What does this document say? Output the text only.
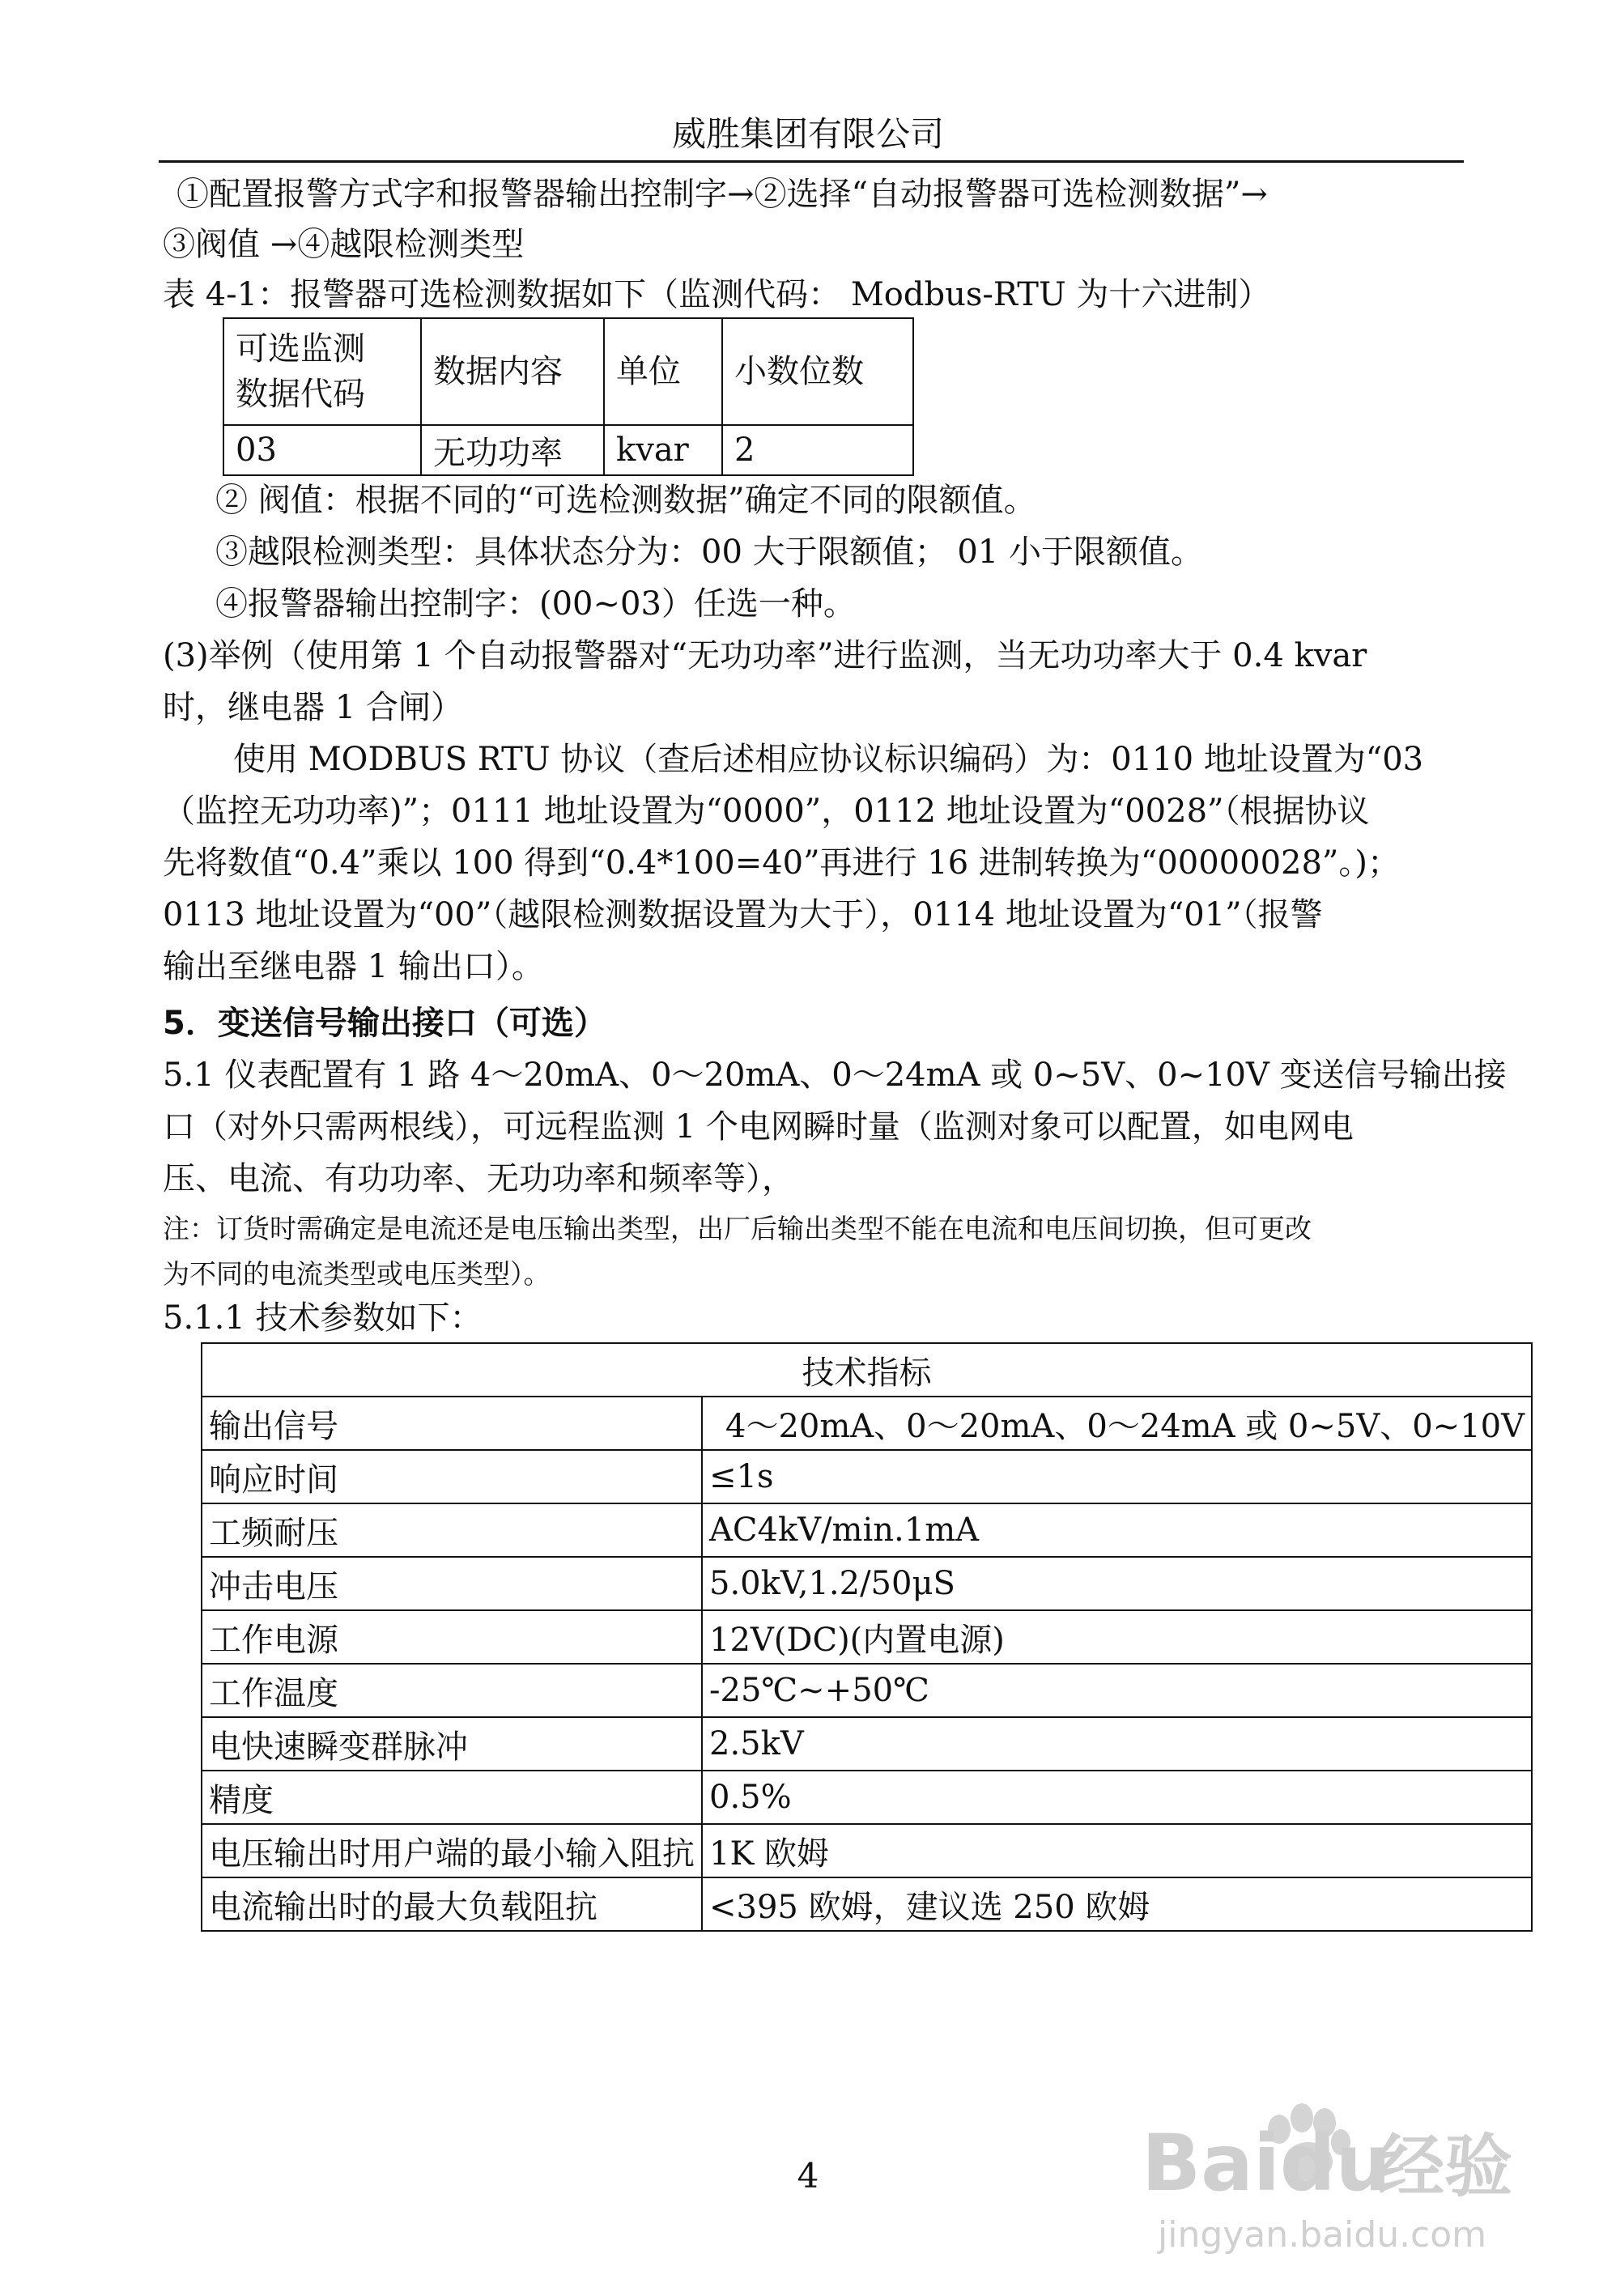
威胜集团有限公司
①配置报警方式字和报警器输出控制字→②选择“自动报警器可选检测数据”→
③阀值 →④越限检测类型
表 4-1：报警器可选检测数据如下（监测代码： Modbus-RTU 为十六进制）
可选监测
数据代码	数据内容	单位	小数位数
03	无功功率	kvar	2
② 阀值：根据不同的“可选检测数据”确定不同的限额值。
③越限检测类型：具体状态分为：00 大于限额值； 01 小于限额值。
④报警器输出控制字：(00~03）任选一种。
(3)举例（使用第 1 个自动报警器对“无功功率”进行监测，当无功功率大于 0.4 kvar
时，继电器 1 合闸）
使用 MODBUS RTU 协议（查后述相应协议标识编码）为：0110 地址设置为“03
（监控无功功率)”；0111 地址设置为“0000”，0112 地址设置为“0028”（根据协议
先将数值“0.4”乘以 100 得到“0.4*100=40”再进行 16 进制转换为“00000028”。)；
0113 地址设置为“00”（越限检测数据设置为大于），0114 地址设置为“01”（报警
输出至继电器 1 输出口）。
5．变送信号输出接口（可选）
5.1 仪表配置有 1 路 4～20mA、0～20mA、0～24mA 或 0~5V、0~10V 变送信号输出接
口（对外只需两根线），可远程监测 1 个电网瞬时量（监测对象可以配置，如电网电
压、电流、有功功率、无功功率和频率等），
注：订货时需确定是电流还是电压输出类型，出厂后输出类型不能在电流和电压间切换，但可更改
为不同的电流类型或电压类型）。
5.1.1 技术参数如下：
技术指标	
输出信号	4～20mA、0～20mA、0～24mA 或 0~5V、0~10V
响应时间	≤1s
工频耐压	AC4kV/min.1mA
冲击电压	5.0kV,1.2/50μS
工作电源	12V(DC)(内置电源)
工作温度	-25℃~+50℃
电快速瞬变群脉冲	2.5kV
精度	0.5%
电压输出时用户端的最小输入阻抗	1K 欧姆
电流输出时的最大负载阻抗	<395 欧姆，建议选 250 欧姆
4	Baidu
经验
jingyan.baidu.com
